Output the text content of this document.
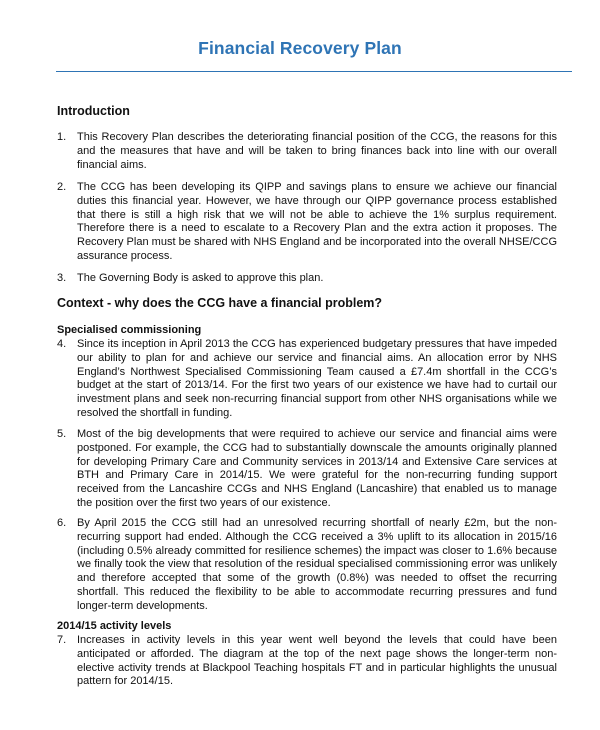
Financial Recovery Plan
Introduction
1. This Recovery Plan describes the deteriorating financial position of the CCG, the reasons for this and the measures that have and will be taken to bring finances back into line with our overall financial aims.
2. The CCG has been developing its QIPP and savings plans to ensure we achieve our financial duties this financial year. However, we have through our QIPP governance process established that there is still a high risk that we will not be able to achieve the 1% surplus requirement. Therefore there is a need to escalate to a Recovery Plan and the extra action it proposes. The Recovery Plan must be shared with NHS England and be incorporated into the overall NHSE/CCG assurance process.
3. The Governing Body is asked to approve this plan.
Context - why does the CCG have a financial problem?
Specialised commissioning
4. Since its inception in April 2013 the CCG has experienced budgetary pressures that have impeded our ability to plan for and achieve our service and financial aims. An allocation error by NHS England’s Northwest Specialised Commissioning Team caused a £7.4m shortfall in the CCG’s budget at the start of 2013/14. For the first two years of our existence we have had to curtail our investment plans and seek non-recurring financial support from other NHS organisations while we resolved the shortfall in funding.
5. Most of the big developments that were required to achieve our service and financial aims were postponed. For example, the CCG had to substantially downscale the amounts originally planned for developing Primary Care and Community services in 2013/14 and Extensive Care services at BTH and Primary Care in 2014/15. We were grateful for the non-recurring funding support received from the Lancashire CCGs and NHS England (Lancashire) that enabled us to manage the position over the first two years of our existence.
6. By April 2015 the CCG still had an unresolved recurring shortfall of nearly £2m, but the non-recurring support had ended. Although the CCG received a 3% uplift to its allocation in 2015/16 (including 0.5% already committed for resilience schemes) the impact was closer to 1.6% because we finally took the view that resolution of the residual specialised commissioning error was unlikely and therefore accepted that some of the growth (0.8%) was needed to offset the recurring shortfall. This reduced the flexibility to be able to accommodate recurring pressures and fund longer-term developments.
2014/15 activity levels
7. Increases in activity levels in this year went well beyond the levels that could have been anticipated or afforded. The diagram at the top of the next page shows the longer-term non-elective activity trends at Blackpool Teaching hospitals FT and in particular highlights the unusual pattern for 2014/15.
